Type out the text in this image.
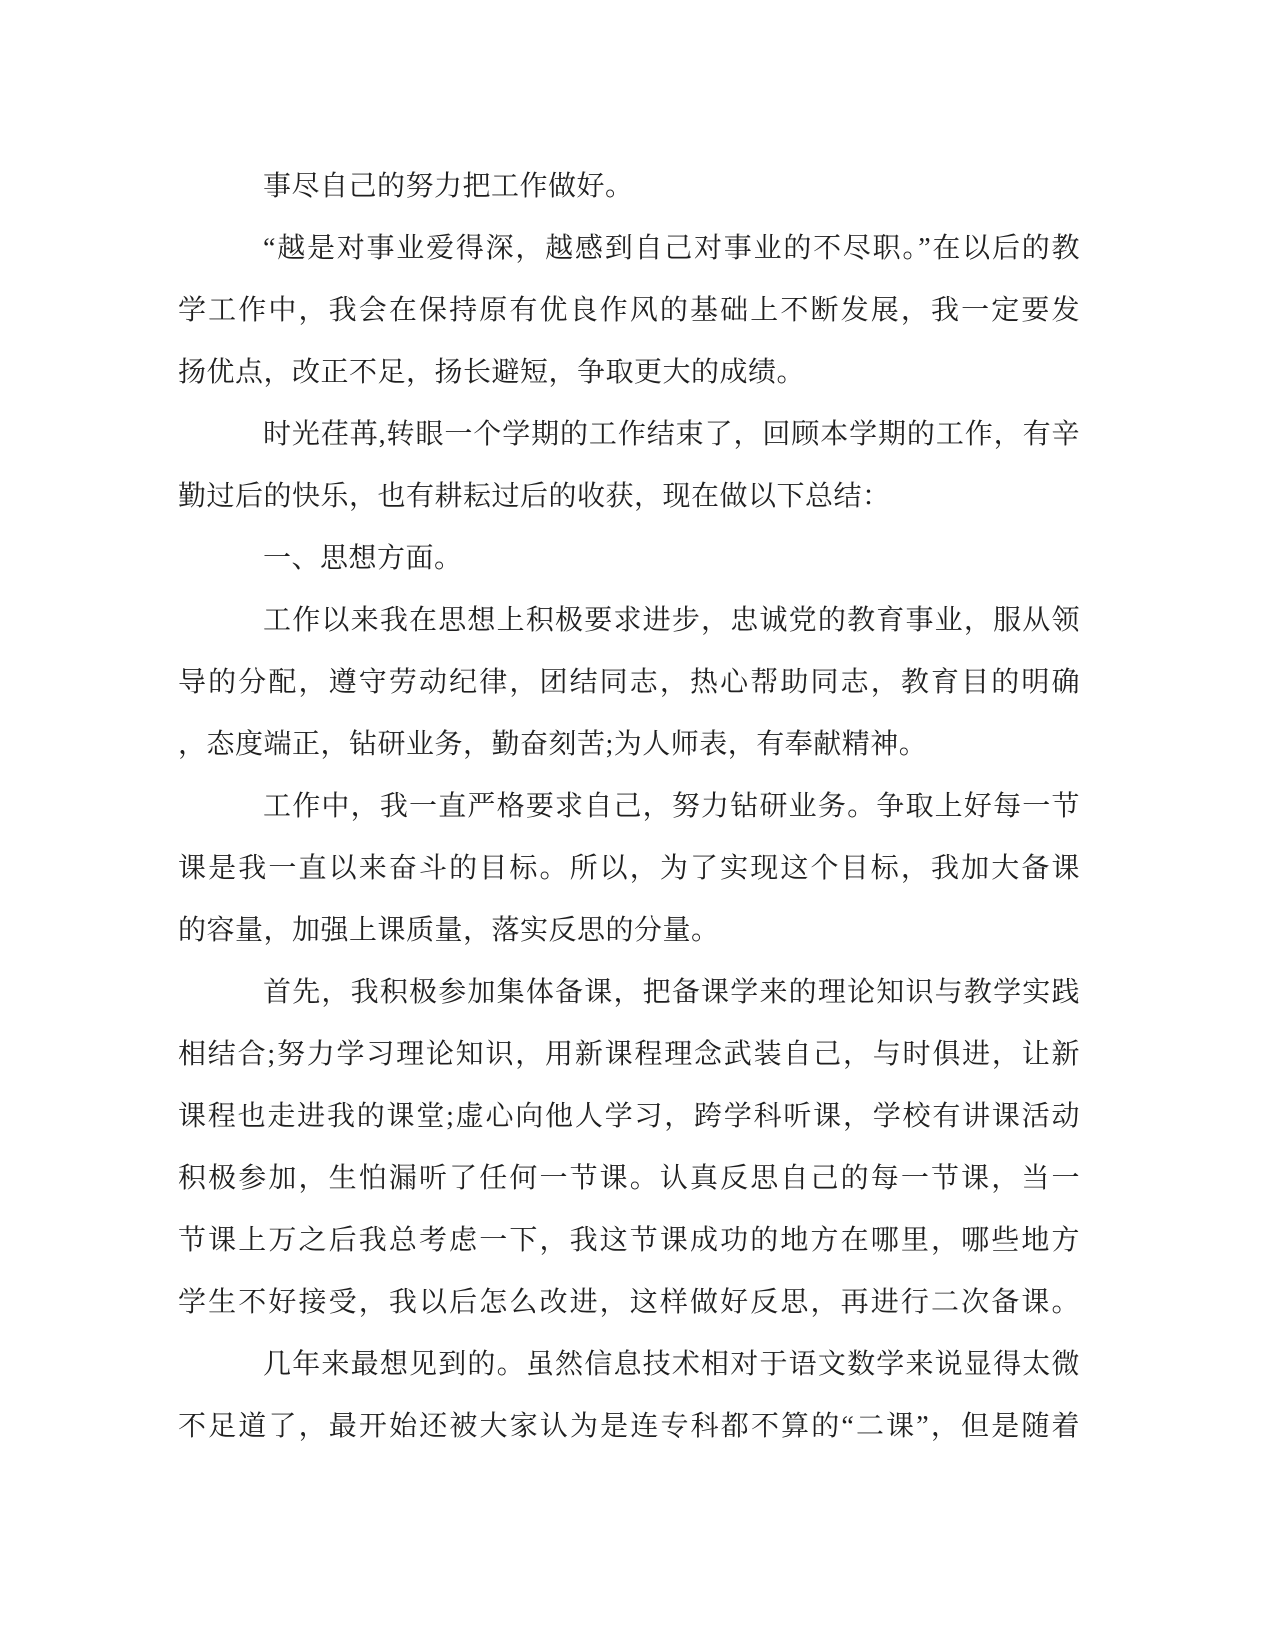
事尽自己的努力把工作做好。
“越是对事业爱得深，越感到自己对事业的不尽职。”在以后的教
学工作中，我会在保持原有优良作风的基础上不断发展，我一定要发
扬优点，改正不足，扬长避短，争取更大的成绩。
时光荏苒,转眼一个学期的工作结束了，回顾本学期的工作，有辛
勤过后的快乐，也有耕耘过后的收获，现在做以下总结：
一、思想方面。
工作以来我在思想上积极要求进步，忠诚党的教育事业，服从领
导的分配，遵守劳动纪律，团结同志，热心帮助同志，教育目的明确
，态度端正，钻研业务，勤奋刻苦;为人师表，有奉献精神。
工作中，我一直严格要求自己，努力钻研业务。争取上好每一节
课是我一直以来奋斗的目标。所以，为了实现这个目标，我加大备课
的容量，加强上课质量，落实反思的分量。
首先，我积极参加集体备课，把备课学来的理论知识与教学实践
相结合;努力学习理论知识，用新课程理念武装自己，与时俱进，让新
课程也走进我的课堂;虚心向他人学习，跨学科听课，学校有讲课活动
积极参加，生怕漏听了任何一节课。认真反思自己的每一节课，当一
节课上万之后我总考虑一下，我这节课成功的地方在哪里，哪些地方
学生不好接受，我以后怎么改进，这样做好反思，再进行二次备课。
几年来最想见到的。虽然信息技术相对于语文数学来说显得太微
不足道了，最开始还被大家认为是连专科都不算的“二课”，但是随着
